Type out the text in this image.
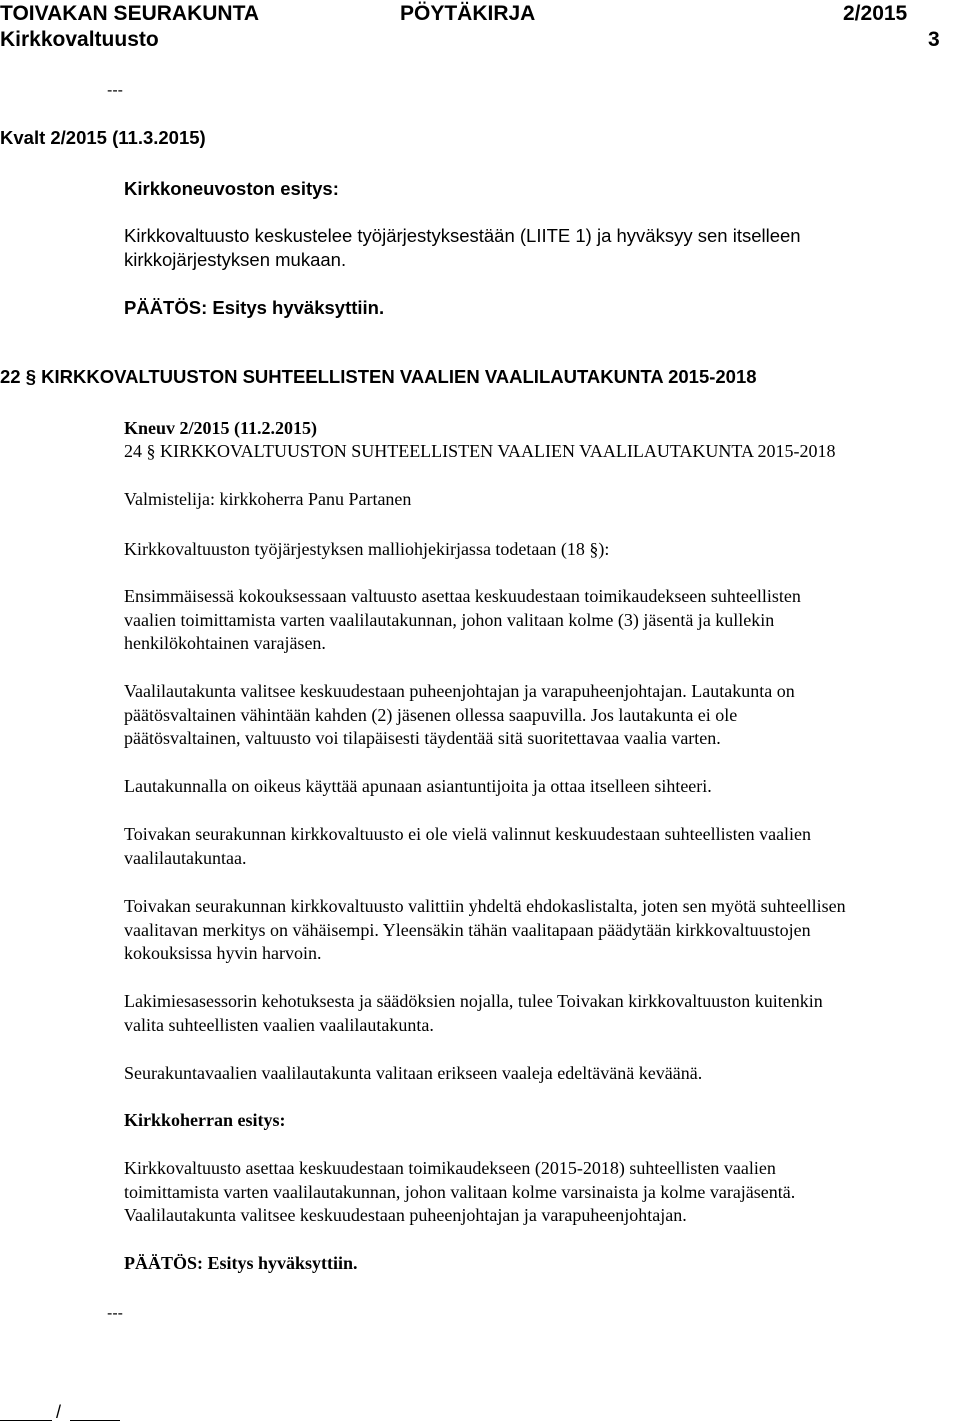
TOIVAKAN SEURAKUNTA	PÖYTÄKIRJA	2/2015
Kirkkovaltuusto	3
---
Kvalt 2/2015 (11.3.2015)
Kirkkoneuvoston esitys:
Kirkkovaltuusto keskustelee työjärjestyksestään (LIITE 1) ja hyväksyy sen itselleen
kirkkojärjestyksen mukaan.
PÄÄTÖS: Esitys hyväksyttiin.
22 § KIRKKOVALTUUSTON SUHTEELLISTEN VAALIEN VAALILAUTAKUNTA 2015-2018
Kneuv 2/2015 (11.2.2015)
24 § KIRKKOVALTUUSTON SUHTEELLISTEN VAALIEN VAALILAUTAKUNTA 2015-2018
Valmistelija: kirkkoherra Panu Partanen
Kirkkovaltuuston työjärjestyksen malliohjekirjassa todetaan (18 §):
Ensimmäisessä kokouksessaan valtuusto asettaa keskuudestaan toimikaudekseen suhteellisten
vaalien toimittamista varten vaalilautakunnan, johon valitaan kolme (3) jäsentä ja kullekin
henkilökohtainen varajäsen.
Vaalilautakunta valitsee keskuudestaan puheenjohtajan ja varapuheenjohtajan. Lautakunta on
päätösvaltainen vähintään kahden (2) jäsenen ollessa saapuvilla. Jos lautakunta ei ole
päätösvaltainen, valtuusto voi tilapäisesti täydentää sitä suoritettavaa vaalia varten.
Lautakunnalla on oikeus käyttää apunaan asiantuntijoita ja ottaa itselleen sihteeri.
Toivakan seurakunnan kirkkovaltuusto ei ole vielä valinnut keskuudestaan suhteellisten vaalien
vaalilautakuntaa.
Toivakan seurakunnan kirkkovaltuusto valittiin yhdeltä ehdokaslistalta, joten sen myötä suhteellisen
vaalitavan merkitys on vähäisempi. Yleensäkin tähän vaalitapaan päädytään kirkkovaltuustojen
kokouksissa hyvin harvoin.
Lakimiesasessorin kehotuksesta ja säädöksien nojalla, tulee Toivakan kirkkovaltuuston kuitenkin
valita suhteellisten vaalien vaalilautakunta.
Seurakuntavaalien vaalilautakunta valitaan erikseen vaaleja edeltävänä keväänä.
Kirkkoherran esitys:
Kirkkovaltuusto asettaa keskuudestaan toimikaudekseen (2015-2018) suhteellisten vaalien
toimittamista varten vaalilautakunnan, johon valitaan kolme varsinaista ja kolme varajäsentä.
Vaalilautakunta valitsee keskuudestaan puheenjohtajan ja varapuheenjohtajan.
PÄÄTÖS: Esitys hyväksyttiin.
---
/
